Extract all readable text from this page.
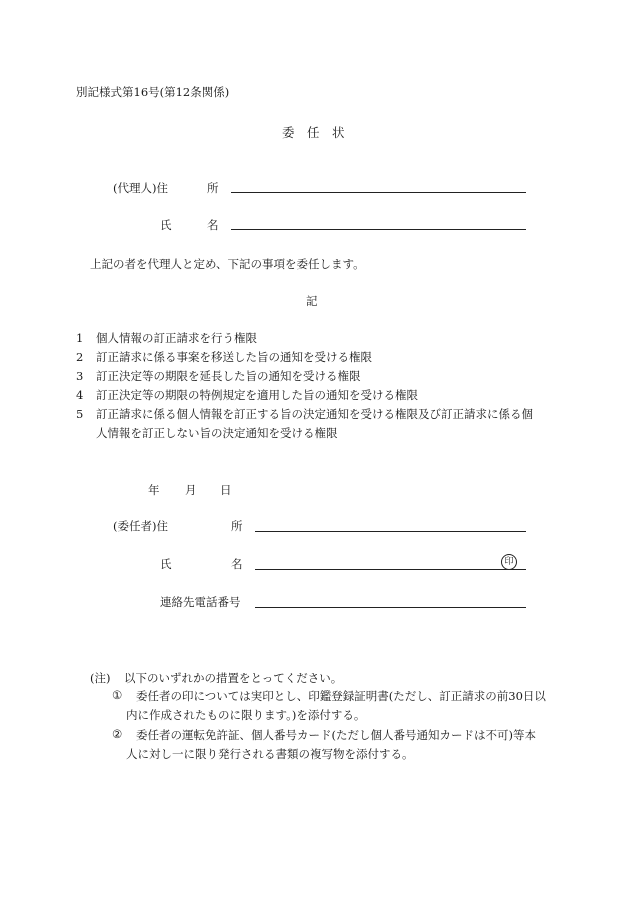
別記様式第16号(第12条関係)
委　任　状
(代理人)住	所
氏	名
上記の者を代理人と定め、下記の事項を委任します。
記
1 個人情報の訂正請求を行う権限
2 訂正請求に係る事案を移送した旨の通知を受ける権限
3 訂正決定等の期限を延長した旨の通知を受ける権限
4 訂正決定等の期限の特例規定を適用した旨の通知を受ける権限
5 訂正請求に係る個人情報を訂正する旨の決定通知を受ける権限及び訂正請求に係る個
人情報を訂正しない旨の決定通知を受ける権限
年 月 日
(委任者)住	所
氏	名	印
連絡先電話番号
(注) 以下のいずれかの措置をとってください。
① 委任者の印については実印とし、印鑑登録証明書(ただし、訂正請求の前30日以
内に作成されたものに限ります。)を添付する。
② 委任者の運転免許証、個人番号カード(ただし個人番号通知カードは不可)等本
人に対し一に限り発行される書類の複写物を添付する。
